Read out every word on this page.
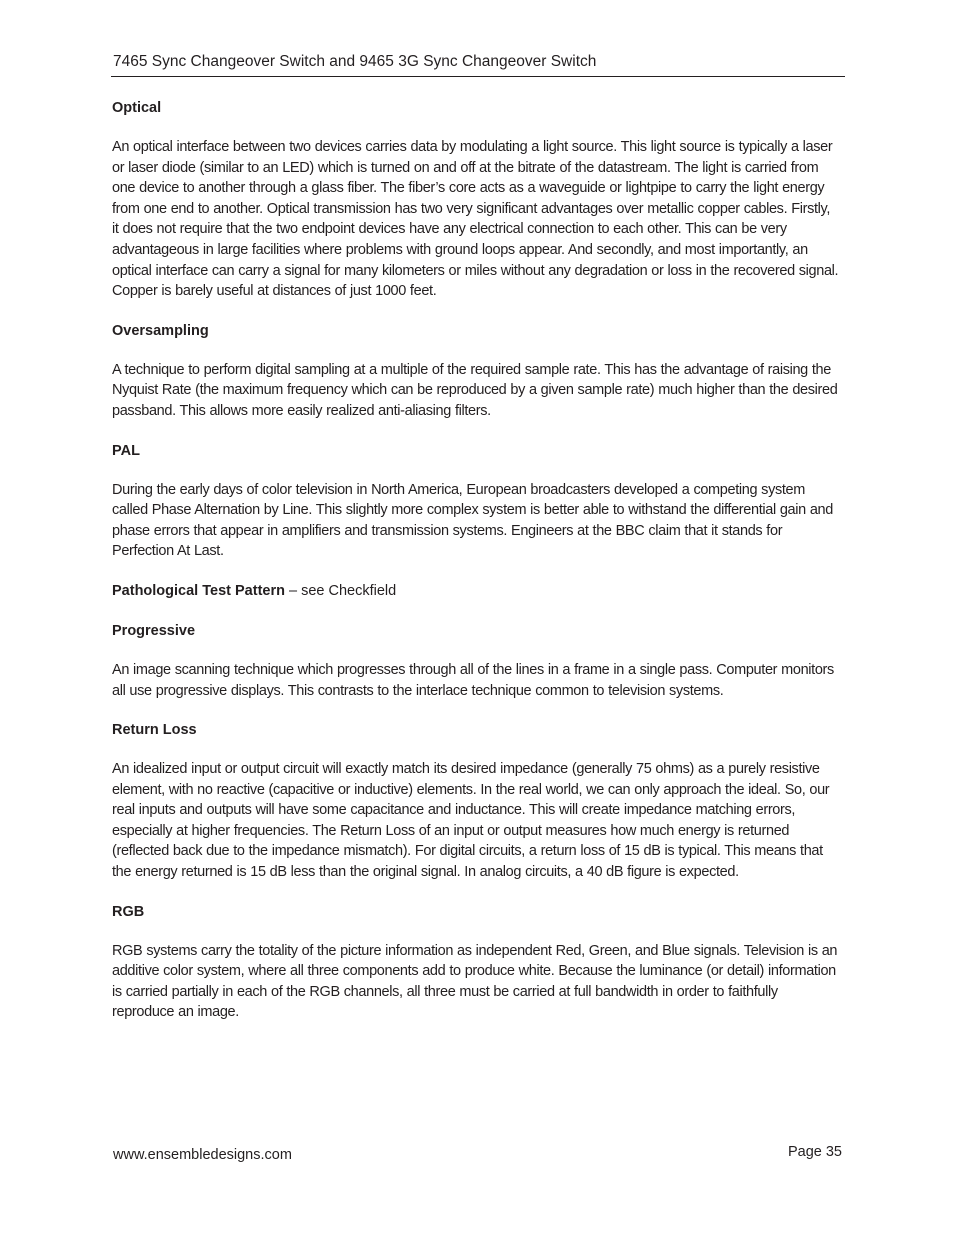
7465 Sync Changeover Switch and 9465 3G Sync Changeover Switch

Optical

An optical interface between two devices carries data by modulating a light source. This light source is typically a laser or laser diode (similar to an LED) which is turned on and off at the bitrate of the datastream. The light is carried from one device to another through a glass fiber. The fiber’s core acts as a waveguide or lightpipe to carry the light energy from one end to another. Optical transmission has two very significant advantages over metallic copper cables. Firstly, it does not require that the two endpoint devices have any electrical connection to each other. This can be very advantageous in large facilities where problems with ground loops appear. And secondly, and most importantly, an optical interface can carry a signal for many kilometers or miles without any degradation or loss in the recovered signal. Copper is barely useful at distances of just 1000 feet.

Oversampling

A technique to perform digital sampling at a multiple of the required sample rate. This has the advantage of raising the Nyquist Rate (the maximum frequency which can be reproduced by a given sample rate) much higher than the desired passband. This allows more easily realized anti-aliasing filters.

PAL

During the early days of color television in North America, European broadcasters developed a competing system called Phase Alternation by Line. This slightly more complex system is better able to withstand the differential gain and phase errors that appear in amplifiers and transmission systems. Engineers at the BBC claim that it stands for Perfection At Last.

Pathological Test Pattern – see Checkfield

Progressive

An image scanning technique which progresses through all of the lines in a frame in a single pass. Computer monitors all use progressive displays. This contrasts to the interlace technique common to television systems.

Return Loss

An idealized input or output circuit will exactly match its desired impedance (generally 75 ohms) as a purely resistive element, with no reactive (capacitive or inductive) elements. In the real world, we can only approach the ideal. So, our real inputs and outputs will have some capacitance and inductance. This will create impedance matching errors, especially at higher frequencies. The Return Loss of an input or output measures how much energy is returned (reflected back due to the impedance mismatch). For digital circuits, a return loss of 15 dB is typical. This means that the energy returned is 15 dB less than the original signal. In analog circuits, a 40 dB figure is expected.

RGB

RGB systems carry the totality of the picture information as independent Red, Green, and Blue signals. Television is an additive color system, where all three components add to produce white. Because the luminance (or detail) information is carried partially in each of the RGB channels, all three must be carried at full bandwidth in order to faithfully reproduce an image.

www.ensembledesigns.com	Page 35
